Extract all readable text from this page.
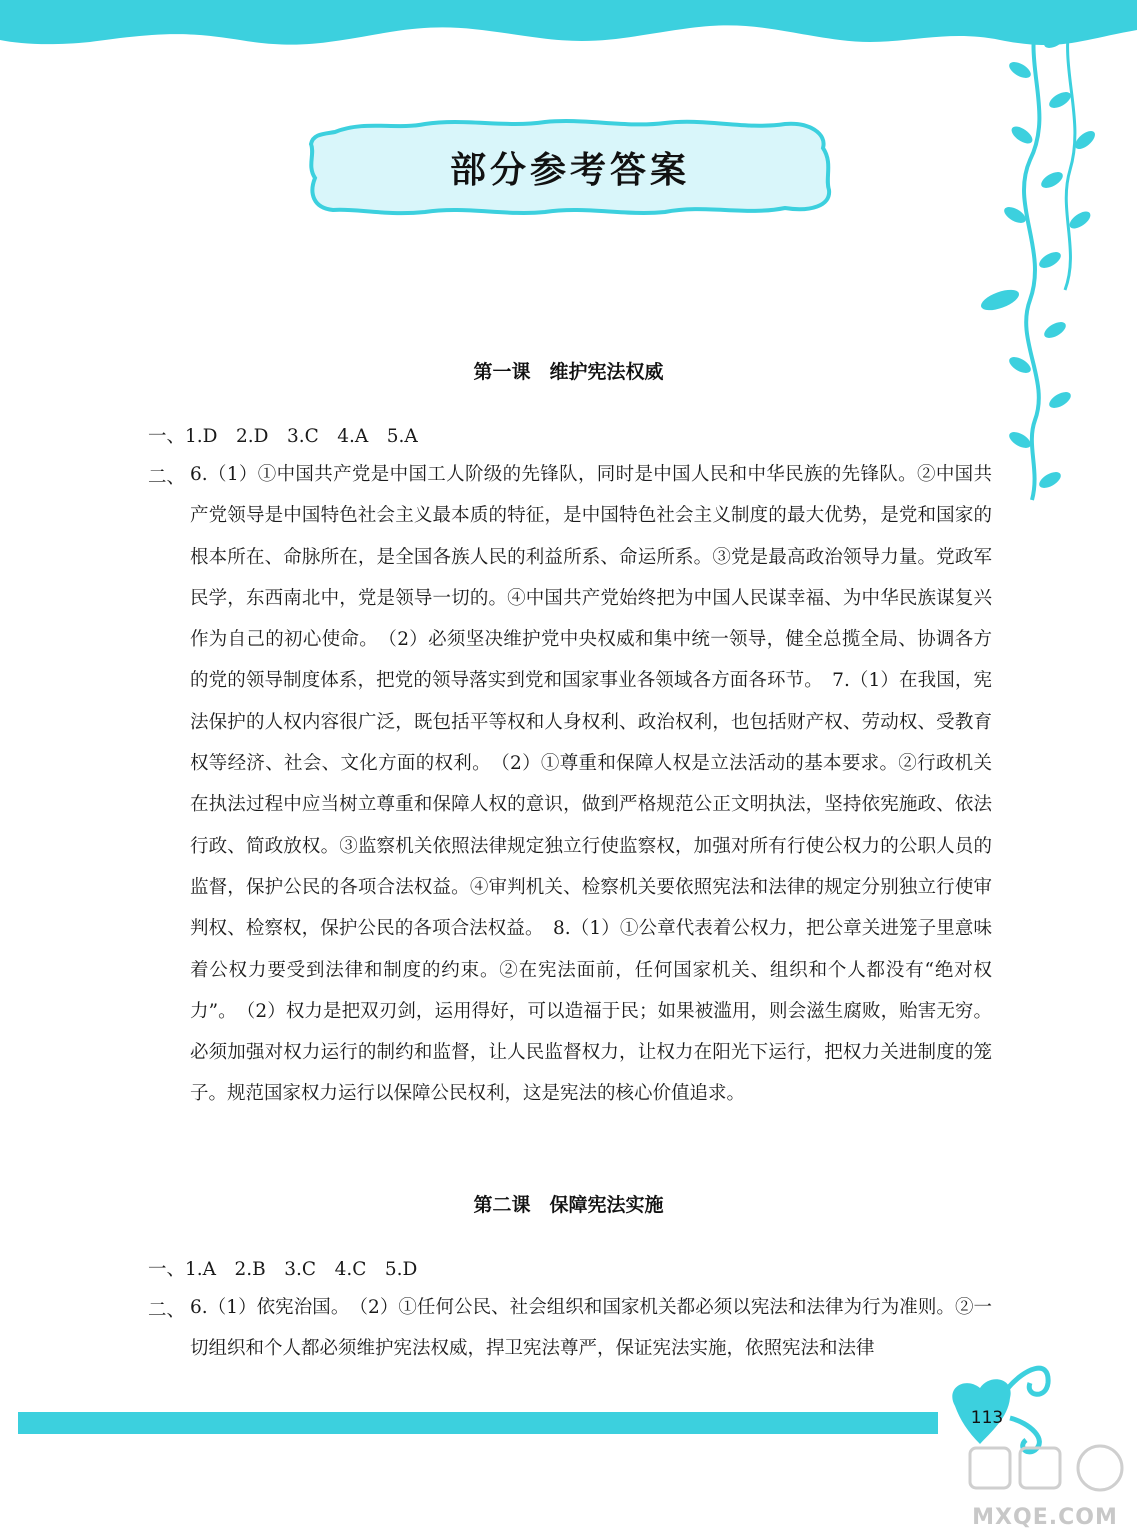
部分参考答案
第一课　维护宪法权威
一、1.D　2.D　3.C　4.A　5.A
二、 6.（1）①中国共产党是中国工人阶级的先锋队，同时是中国人民和中华民族的先锋队。②中国共产党领导是中国特色社会主义最本质的特征，是中国特色社会主义制度的最大优势，是党和国家的根本所在、命脉所在，是全国各族人民的利益所系、命运所系。③党是最高政治领导力量。党政军民学，东西南北中，党是领导一切的。④中国共产党始终把为中国人民谋幸福、为中华民族谋复兴作为自己的初心使命。　（2）必须坚决维护党中央权威和集中统一领导，健全总揽全局、协调各方的党的领导制度体系，把党的领导落实到党和国家事业各领域各方面各环节。　7.（1）在我国，宪法保护的人权内容很广泛，既包括平等权和人身权利、政治权利，也包括财产权、劳动权、受教育权等经济、社会、文化方面的权利。　（2）①尊重和保障人权是立法活动的基本要求。②行政机关在执法过程中应当树立尊重和保障人权的意识，做到严格规范公正文明执法，坚持依宪施政、依法行政、简政放权。③监察机关依照法律规定独立行使监察权，加强对所有行使公权力的公职人员的监督，保护公民的各项合法权益。④审判机关、检察机关要依照宪法和法律的规定分别独立行使审判权、检察权，保护公民的各项合法权益。　8.（1）①公章代表着公权力，把公章关进笼子里意味着公权力要受到法律和制度的约束。②在宪法面前，任何国家机关、组织和个人都没有“绝对权力”。　（2）权力是把双刃剑，运用得好，可以造福于民；如果被滥用，则会滋生腐败，贻害无穷。必须加强对权力运行的制约和监督，让人民监督权力，让权力在阳光下运行，把权力关进制度的笼子。规范国家权力运行以保障公民权利，这是宪法的核心价值追求。
第二课　保障宪法实施
一、1.A　2.B　3.C　4.C　5.D
二、 6.（1）依宪治国。　（2）①任何公民、社会组织和国家机关都必须以宪法和法律为行为准则。②一切组织和个人都必须维护宪法权威，捍卫宪法尊严，保证宪法实施，依照宪法和法律
113
MXQE.COM
